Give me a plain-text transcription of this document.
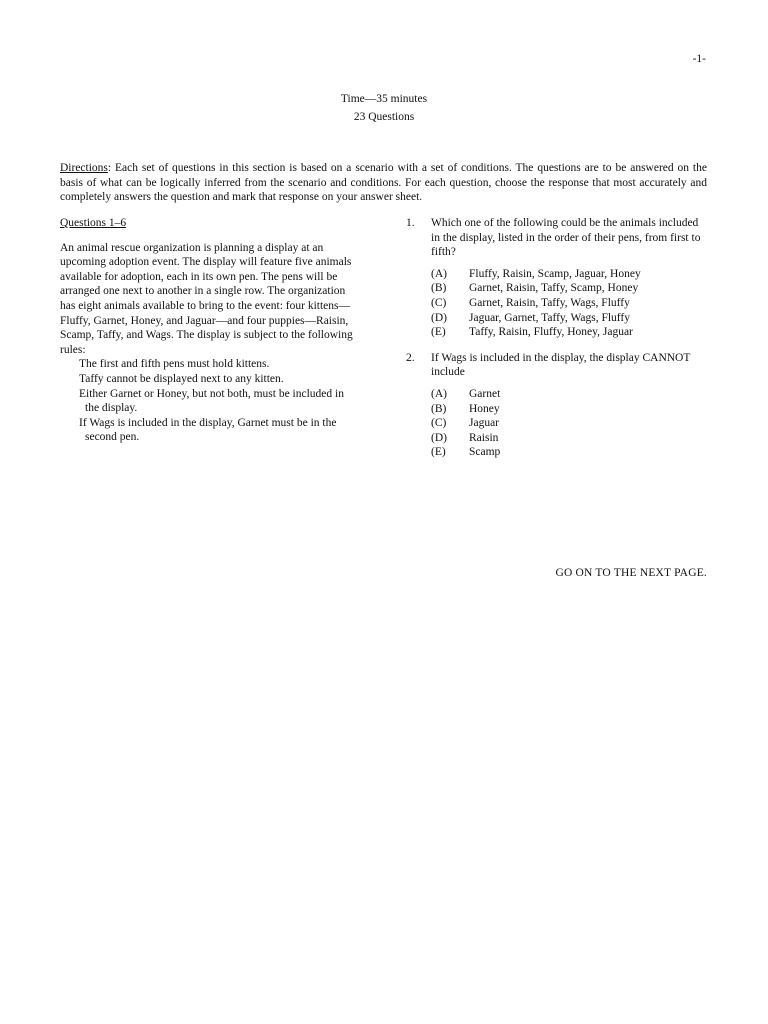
-1-
Time—35 minutes
23 Questions
Directions: Each set of questions in this section is based on a scenario with a set of conditions. The questions are to be answered on the basis of what can be logically inferred from the scenario and conditions. For each question, choose the response that most accurately and completely answers the question and mark that response on your answer sheet.
Questions 1–6

An animal rescue organization is planning a display at an upcoming adoption event. The display will feature five animals available for adoption, each in its own pen. The pens will be arranged one next to another in a single row. The organization has eight animals available to bring to the event: four kittens—Fluffy, Garnet, Honey, and Jaguar—and four puppies—Raisin, Scamp, Taffy, and Wags. The display is subject to the following rules:

The first and fifth pens must hold kittens.
Taffy cannot be displayed next to any kitten.
Either Garnet or Honey, but not both, must be included in the display.
If Wags is included in the display, Garnet must be in the second pen.
1.	Which one of the following could be the animals included in the display, listed in the order of their pens, from first to fifth?
(A)	Fluffy, Raisin, Scamp, Jaguar, Honey
(B)	Garnet, Raisin, Taffy, Scamp, Honey
(C)	Garnet, Raisin, Taffy, Wags, Fluffy
(D)	Jaguar, Garnet, Taffy, Wags, Fluffy
(E)	Taffy, Raisin, Fluffy, Honey, Jaguar
2.	If Wags is included in the display, the display CANNOT include
(A)	Garnet
(B)	Honey
(C)	Jaguar
(D)	Raisin
(E)	Scamp
GO ON TO THE NEXT PAGE.
